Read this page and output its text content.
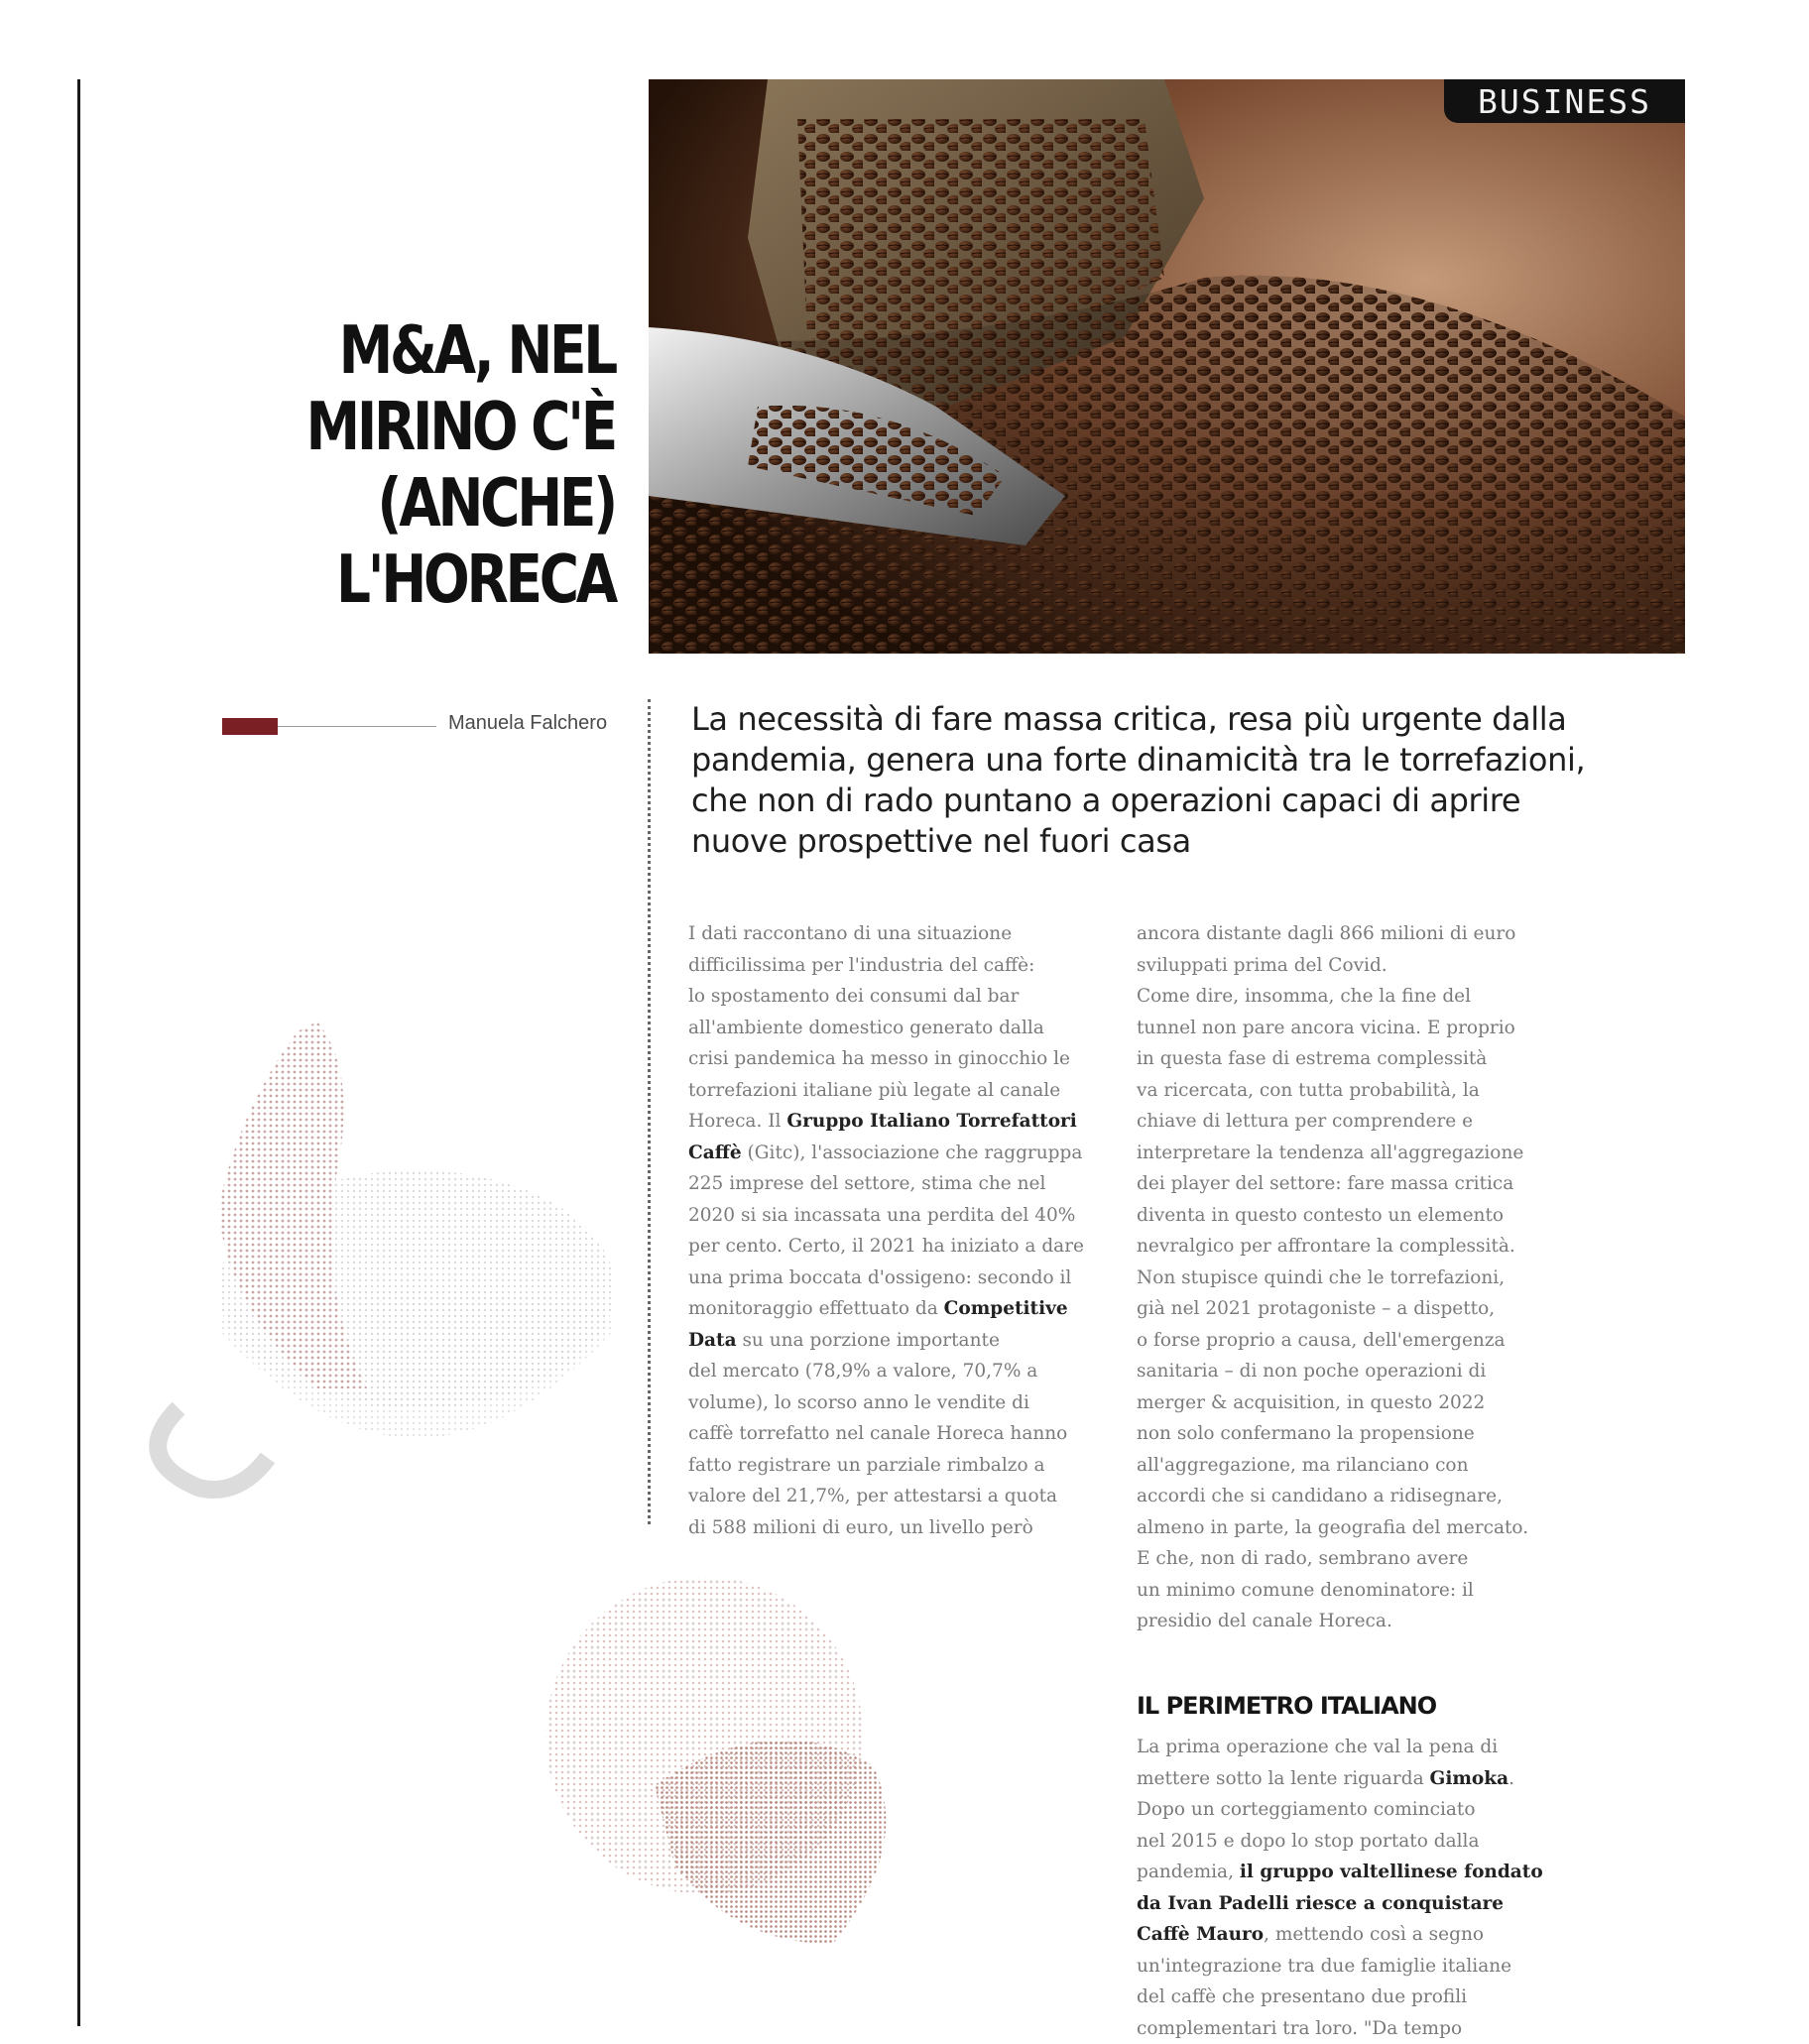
BUSINESS
M&A, NEL
MIRINO C'È
(ANCHE)
L'HORECA
Manuela Falchero	La necessità di fare massa critica, resa più urgente dalla
pandemia, genera una forte dinamicità tra le torrefazioni,
che non di rado puntano a operazioni capaci di aprire
nuove prospettive nel fuori casa
I dati raccontano di una situazione
difficilissima per l'industria del caffè:
lo spostamento dei consumi dal bar
all'ambiente domestico generato dalla
crisi pandemica ha messo in ginocchio le
torrefazioni italiane più legate al canale
Horeca. Il Gruppo Italiano Torrefattori
Caffè (Gitc), l'associazione che raggruppa
225 imprese del settore, stima che nel
2020 si sia incassata una perdita del 40%
per cento. Certo, il 2021 ha iniziato a dare
una prima boccata d'ossigeno: secondo il
monitoraggio effettuato da Competitive
Data su una porzione importante
del mercato (78,9% a valore, 70,7% a
volume), lo scorso anno le vendite di
caffè torrefatto nel canale Horeca hanno
fatto registrare un parziale rimbalzo a
valore del 21,7%, per attestarsi a quota
di 588 milioni di euro, un livello però
ancora distante dagli 866 milioni di euro
sviluppati prima del Covid.
Come dire, insomma, che la fine del
tunnel non pare ancora vicina. E proprio
in questa fase di estrema complessità
va ricercata, con tutta probabilità, la
chiave di lettura per comprendere e
interpretare la tendenza all'aggregazione
dei player del settore: fare massa critica
diventa in questo contesto un elemento
nevralgico per affrontare la complessità.
Non stupisce quindi che le torrefazioni,
già nel 2021 protagoniste – a dispetto,
o forse proprio a causa, dell'emergenza
sanitaria – di non poche operazioni di
merger & acquisition, in questo 2022
non solo confermano la propensione
all'aggregazione, ma rilanciano con
accordi che si candidano a ridisegnare,
almeno in parte, la geografia del mercato.
E che, non di rado, sembrano avere
un minimo comune denominatore: il
presidio del canale Horeca.
IL PERIMETRO ITALIANO
La prima operazione che val la pena di
mettere sotto la lente riguarda Gimoka.
Dopo un corteggiamento cominciato
nel 2015 e dopo lo stop portato dalla
pandemia, il gruppo valtellinese fondato
da Ivan Padelli riesce a conquistare
Caffè Mauro, mettendo così a segno
un'integrazione tra due famiglie italiane
del caffè che presentano due profili
complementari tra loro. "Da tempo
